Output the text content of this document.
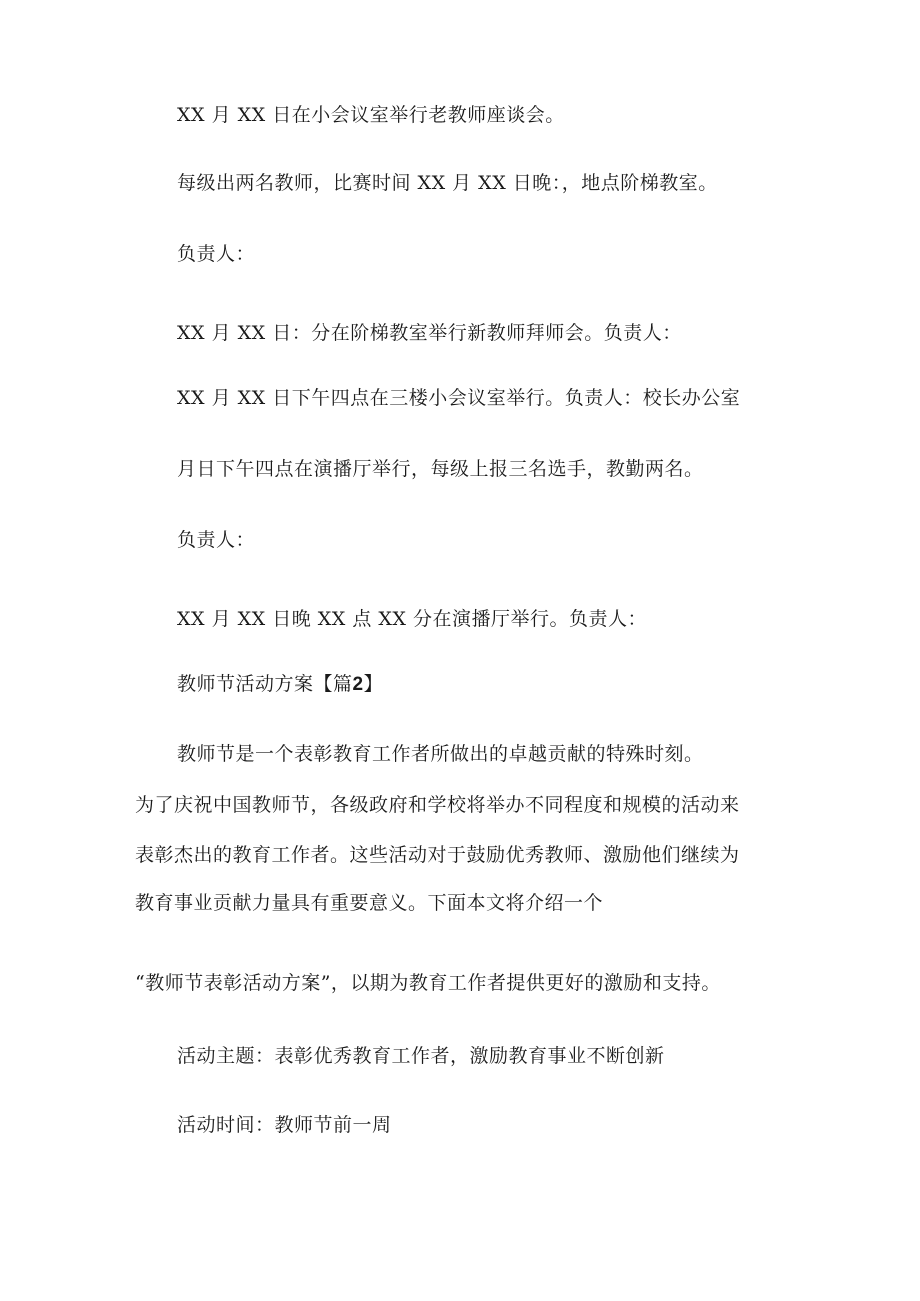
XX 月 XX 日在小会议室举行老教师座谈会。
每级出两名教师，比赛时间 XX 月 XX 日晚：，地点阶梯教室。
负责人：
XX 月 XX 日：分在阶梯教室举行新教师拜师会。负责人：
XX 月 XX 日下午四点在三楼小会议室举行。负责人：校长办公室
月日下午四点在演播厅举行，每级上报三名选手，教勤两名。
负责人：
XX 月 XX 日晚 XX 点 XX 分在演播厅举行。负责人：
教师节活动方案【篇2】
教师节是一个表彰教育工作者所做出的卓越贡献的特殊时刻。
为了庆祝中国教师节，各级政府和学校将举办不同程度和规模的活动来
表彰杰出的教育工作者。这些活动对于鼓励优秀教师、激励他们继续为
教育事业贡献力量具有重要意义。下面本文将介绍一个
“教师节表彰活动方案”，以期为教育工作者提供更好的激励和支持。
活动主题：表彰优秀教育工作者，激励教育事业不断创新
活动时间：教师节前一周
